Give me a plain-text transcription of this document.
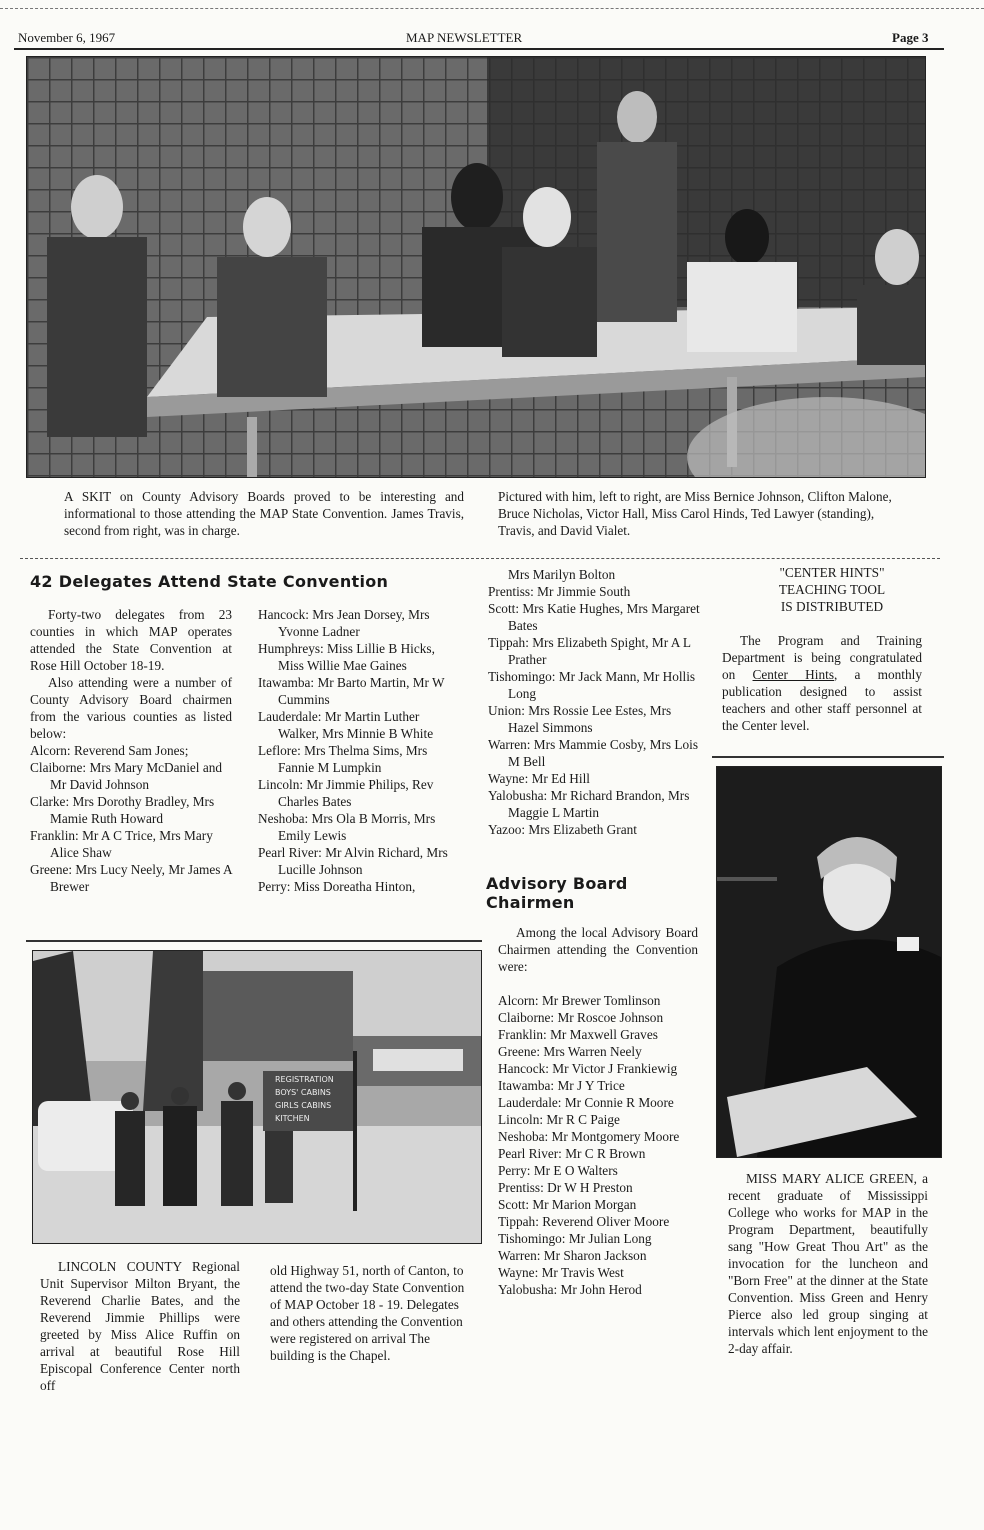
November 6, 1967	MAP NEWSLETTER	Page 3

A SKIT on County Advisory Boards proved to be interesting and informational to those attending the MAP State Convention. James Travis, second from right, was in charge.

Pictured with him, left to right, are Miss Bernice Johnson, Clifton Malone, Bruce Nicholas, Victor Hall, Miss Carol Hinds, Ted Lawyer (standing), Travis, and David Vialet.

42 Delegates Attend State Convention

Forty-two delegates from 23 counties in which MAP operates attended the State Convention at Rose Hill October 18-19.

Also attending were a number of County Advisory Board chairmen from the various counties as listed below:

Alcorn: Reverend Sam Jones;

Claiborne: Mrs Mary McDaniel and Mr David Johnson

Clarke: Mrs Dorothy Bradley, Mrs Mamie Ruth Howard

Franklin: Mr A C Trice, Mrs Mary Alice Shaw

Greene: Mrs Lucy Neely, Mr James A Brewer

Hancock: Mrs Jean Dorsey, Mrs Yvonne Ladner

Humphreys: Miss Lillie B Hicks, Miss Willie Mae Gaines

Itawamba: Mr Barto Martin, Mr W Cummins

Lauderdale: Mr Martin Luther Walker, Mrs Minnie B White

Leflore: Mrs Thelma Sims, Mrs Fannie M Lumpkin

Lincoln: Mr Jimmie Philips, Rev Charles Bates

Neshoba: Mrs Ola B Morris, Mrs Emily Lewis

Pearl River: Mr Alvin Richard, Mrs Lucille Johnson

Perry: Miss Doreatha Hinton,

Mrs Marilyn Bolton

Prentiss: Mr Jimmie South

Scott: Mrs Katie Hughes, Mrs Margaret Bates

Tippah: Mrs Elizabeth Spight, Mr A L Prather

Tishomingo: Mr Jack Mann, Mr Hollis Long

Union: Mrs Rossie Lee Estes, Mrs Hazel Simmons

Warren: Mrs Mammie Cosby, Mrs Lois M Bell

Wayne: Mr Ed Hill

Yalobusha: Mr Richard Brandon, Mrs Maggie L Martin

Yazoo: Mrs Elizabeth Grant

"CENTER HINTS"

TEACHING TOOL

IS DISTRIBUTED

The Program and Training Department is being congratulated on Center Hints, a monthly publication designed to assist teachers and other staff personnel at the Center level.

MISS MARY ALICE GREEN, a recent graduate of Mississippi College who works for MAP in the Program Department, beautifully sang "How Great Thou Art" as the invocation for the luncheon and "Born Free" at the dinner at the State Convention. Miss Green and Henry Pierce also led group singing at intervals which lent enjoyment to the 2-day affair.

Advisory Board Chairmen

Among the local Advisory Board Chairmen attending the Convention were:

Alcorn: Mr Brewer Tomlinson

Claiborne: Mr Roscoe Johnson

Franklin: Mr Maxwell Graves

Greene: Mrs Warren Neely

Hancock: Mr Victor J Frankiewig

Itawamba: Mr J Y Trice

Lauderdale: Mr Connie R Moore

Lincoln: Mr R C Paige

Neshoba: Mr Montgomery Moore

Pearl River: Mr C R Brown

Perry: Mr E O Walters

Prentiss: Dr W H Preston

Scott: Mr Marion Morgan

Tippah: Reverend Oliver Moore

Tishomingo: Mr Julian Long

Warren: Mr Sharon Jackson

Wayne: Mr Travis West

Yalobusha: Mr John Herod

REGISTRATION
BOYS' CABINS
GIRLS CABINS
KITCHEN

LINCOLN COUNTY Regional Unit Supervisor Milton Bryant, the Reverend Charlie Bates, and the Reverend Jimmie Phillips were greeted by Miss Alice Ruffin on arrival at beautiful Rose Hill Episcopal Conference Center north off

old Highway 51, north of Canton, to attend the two-day State Convention of MAP October 18 - 19. Delegates and others attending the Convention were registered on arrival The building is the Chapel.
